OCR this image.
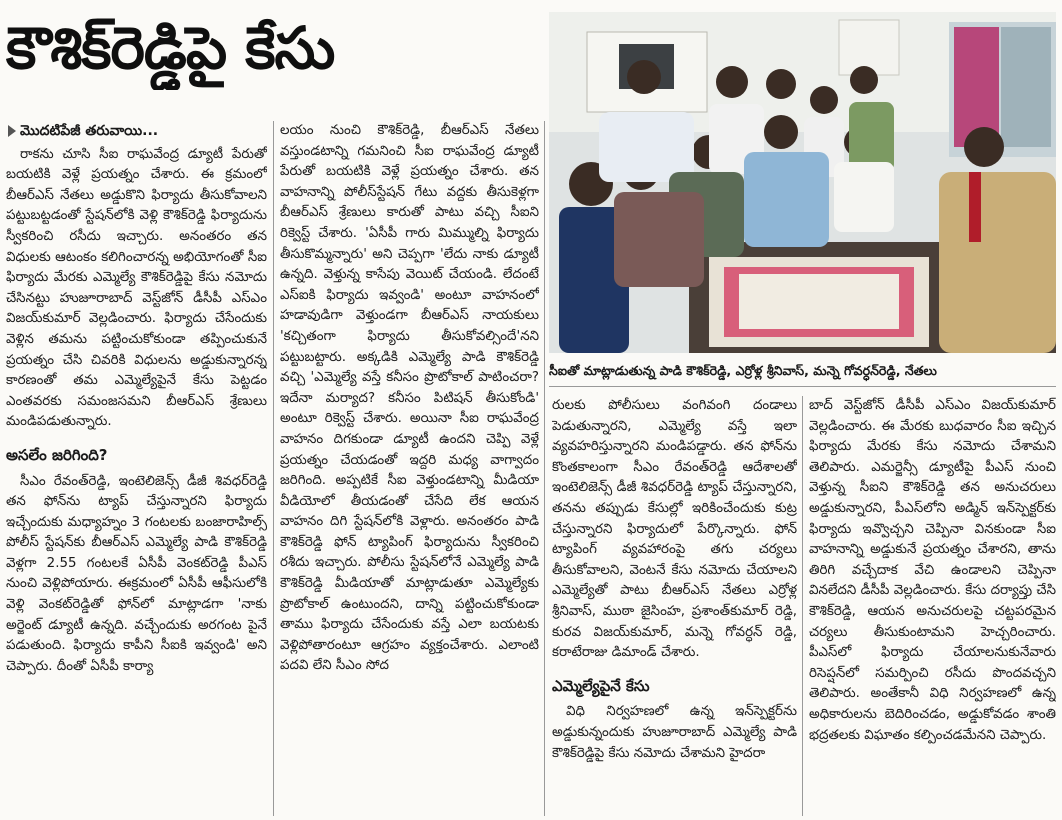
కౌశిక్‌రెడ్డిపై కేసు
మొదటిపేజీ తరువాయి...

రాకను చూసి సీఐ రాఘవేంద్ర డ్యూటీ పేరుతో బయటికి వెళ్లే ప్రయత్నం చేశారు. ఈ క్రమంలో బీఆర్ఎస్ నేతలు అడ్డుకొని ఫిర్యాదు తీసుకోవాలని పట్టుబట్టడంతో స్టేషన్‌లోకి వెళ్లి కౌశిక్‌రెడ్డి ఫిర్యాదును స్వీకరించి రసీదు ఇచ్చారు. అనంతరం తన విధులకు ఆటంకం కలిగించారన్న అభియోగంతో సీఐ ఫిర్యాదు మేరకు ఎమ్మెల్యే కౌశిక్‌రెడ్డిపై కేసు నమోదు చేసినట్టు హుజూరాబాద్ వెస్ట్‌జోన్ డీసీపీ ఎస్ఎం విజయ్‌కుమార్ వెల్లడించారు. ఫిర్యాదు చేసేందుకు వెళ్లిన తమను పట్టించుకోకుండా తప్పించుకునే ప్రయత్నం చేసి చివరికి విధులను అడ్డుకున్నారన్న కారణంతో తమ ఎమ్మెల్యేపైనే కేసు పెట్టడం ఎంతవరకు సమంజసమని బీఆర్ఎస్ శ్రేణులు మండిపడుతున్నారు.

అసలేం జరిగింది?

సీఎం రేవంత్‌రెడ్డి, ఇంటెలిజెన్స్ డీజీ శివధర్‌రెడ్డి తన ఫోన్‌ను ట్యాప్ చేస్తున్నారని ఫిర్యాదు ఇచ్చేందుకు మధ్యాహ్నం 3 గంటలకు బంజారాహిల్స్ పోలీస్ స్టేషన్‌కు బీఆర్ఎస్ ఎమ్మెల్యే పాడి కౌశిక్‌రెడ్డి వెళ్లగా 2.55 గంటలకే ఏసీపీ వెంకట్‌రెడ్డి పీఎస్ నుంచి వెళ్లిపోయారు. ఈక్రమంలో ఏసీపీ ఆఫీసులోకి వెళ్లి వెంకట్‌రెడ్డితో ఫోన్‌లో మాట్లాడగా 'నాకు అర్జెంట్ డ్యూటీ ఉన్నది. వచ్చేందుకు అరగంట పైనే పడుతుంది. ఫిర్యాదు కాపీని సీఐకి ఇవ్వండి' అని చెప్పారు. దీంతో ఏసీపీ కార్యా

లయం నుంచి కౌశిక్‌రెడ్డి, బీఆర్ఎస్ నేతలు వస్తుండటాన్ని గమనించి సీఐ రాఘవేంద్ర డ్యూటీ పేరుతో బయటికి వెళ్లే ప్రయత్నం చేశారు. తన వాహనాన్ని పోలీస్‌స్టేషన్ గేటు వద్దకు తీసుకెళ్లగా బీఆర్ఎస్ శ్రేణులు కారుతో పాటు వచ్చి సీఐని రిక్వెస్ట్ చేశారు. 'ఏసీపీ గారు మిమ్ముల్ని ఫిర్యాదు తీసుకొమ్మన్నారు' అని చెప్పగా 'లేదు నాకు డ్యూటీ ఉన్నది. వెళ్తున్న కాసేపు వెయిట్ చేయండి. లేదంటే ఎస్ఐకి ఫిర్యాదు ఇవ్వండి' అంటూ వాహనంలో హడావుడిగా వెళ్తుండగా బీఆర్ఎస్ నాయకులు 'కచ్చితంగా ఫిర్యాదు తీసుకోవల్సిందే'నని పట్టుబట్టారు. అక్కడికి ఎమ్మెల్యే పాడి కౌశిక్‌రెడ్డి వచ్చి 'ఎమ్మెల్యే వస్తే కనీసం ప్రొటోకాల్ పాటించరా? ఇదేనా మర్యాద? కనీసం పిటిషన్ తీసుకోండి' అంటూ రిక్వెస్ట్ చేశారు. అయినా సీఐ రాఘవేంద్ర వాహనం దిగకుండా డ్యూటీ ఉందని చెప్పి వెళ్లే ప్రయత్నం చేయడంతో ఇద్దరి మధ్య వాగ్వాదం జరిగింది. అప్పటికే సీఐ వెళ్తుండటాన్ని మీడియా వీడియోలో తీయడంతో చేసేది లేక ఆయన వాహనం దిగి స్టేషన్‌లోకి వెళ్లారు. అనంతరం పాడి కౌశిక్‌రెడ్డి ఫోన్ ట్యాపింగ్ ఫిర్యాదును స్వీకరించి రశీదు ఇచ్చారు. పోలీసు స్టేషన్‌లోనే ఎమ్మెల్యే పాడి కౌశిక్‌రెడ్డి మీడియాతో మాట్లాడుతూ ఎమ్మెల్యేకు ప్రొటోకాల్ ఉంటుందని, దాన్ని పట్టించుకోకుండా తాము ఫిర్యాదు చేసేందుకు వస్తే ఎలా బయటకు వెళ్లిపోతారంటూ ఆగ్రహం వ్యక్తంచేశారు. ఎలాంటి పదవి లేని సీఎం సోద

సీఐతో మాట్లాడుతున్న పాడి కౌశిక్‌రెడ్డి, ఎర్రోళ్ల శ్రీనివాస్, మన్నె గోవర్ధన్‌రెడ్డి, నేతలు

రులకు పోలీసులు వంగివంగి దండాలు పెడుతున్నారని, ఎమ్మెల్యే వస్తే ఇలా వ్యవహరిస్తున్నారని మండిపడ్డారు. తన ఫోన్‌ను కొంతకాలంగా సీఎం రేవంత్‌రెడ్డి ఆదేశాలతో ఇంటెలిజెన్స్ డీజీ శివధర్‌రెడ్డి ట్యాప్ చేస్తున్నారని, తనను తప్పుడు కేసుల్లో ఇరికించేందుకు కుట్ర చేస్తున్నారని ఫిర్యాదులో పేర్కొన్నారు. ఫోన్ ట్యాపింగ్ వ్యవహారంపై తగు చర్యలు తీసుకోవాలని, వెంటనే కేసు నమోదు చేయాలని ఎమ్మెల్యేతో పాటు బీఆర్ఎస్ నేతలు ఎర్రోళ్ల శ్రీనివాస్, ముఠా జైసింహ, ప్రశాంత్‌కుమార్ రెడ్డి, కురవ విజయ్‌కుమార్, మన్నె గోవర్ధన్ రెడ్డి, కరాటేరాజు డిమాండ్ చేశారు.

ఎమ్మెల్యేపైనే కేసు

విధి నిర్వహణలో ఉన్న ఇన్‌స్పెక్టర్‌ను అడ్డుకున్నందుకు హుజూరాబాద్ ఎమ్మెల్యే పాడి కౌశిక్‌రెడ్డిపై కేసు నమోదు చేశామని హైదరా

బాద్ వెస్ట్‌జోన్ డీసీపీ ఎస్ఎం విజయ్‌కుమార్ వెల్లడించారు. ఈ మేరకు బుధవారం సీఐ ఇచ్చిన ఫిర్యాదు మేరకు కేసు నమోదు చేశామని తెలిపారు. ఎమర్జెన్సీ డ్యూటీపై పీఎస్ నుంచి వెళ్తున్న సీఐని కౌశిక్‌రెడ్డి తన అనుచరులు అడ్డుకున్నారని, పీఎస్‌లోని అడ్మిన్ ఇన్‌స్పెక్టర్‌కు ఫిర్యాదు ఇవ్వొచ్చని చెప్పినా వినకుండా సీఐ వాహనాన్ని అడ్డుకునే ప్రయత్నం చేశారని, తాను తిరిగి వచ్చేదాక వేచి ఉండాలని చెప్పినా వినలేదని డీసీపీ వెల్లడించారు. కేసు దర్యాప్తు చేసి కౌశిక్‌రెడ్డి, ఆయన అనుచరులపై చట్టపరమైన చర్యలు తీసుకుంటామని హెచ్చరించారు. పీఎస్‌లో ఫిర్యాదు చేయాలనుకునేవారు రిసెప్షన్‌లో సమర్పించి రసీదు పొందవచ్చని తెలిపారు. అంతేకానీ విధి నిర్వహణలో ఉన్న అధికారులను బెదిరించడం, అడ్డుకోవడం శాంతి భద్రతలకు విఘాతం కల్పించడమేనని చెప్పారు.
